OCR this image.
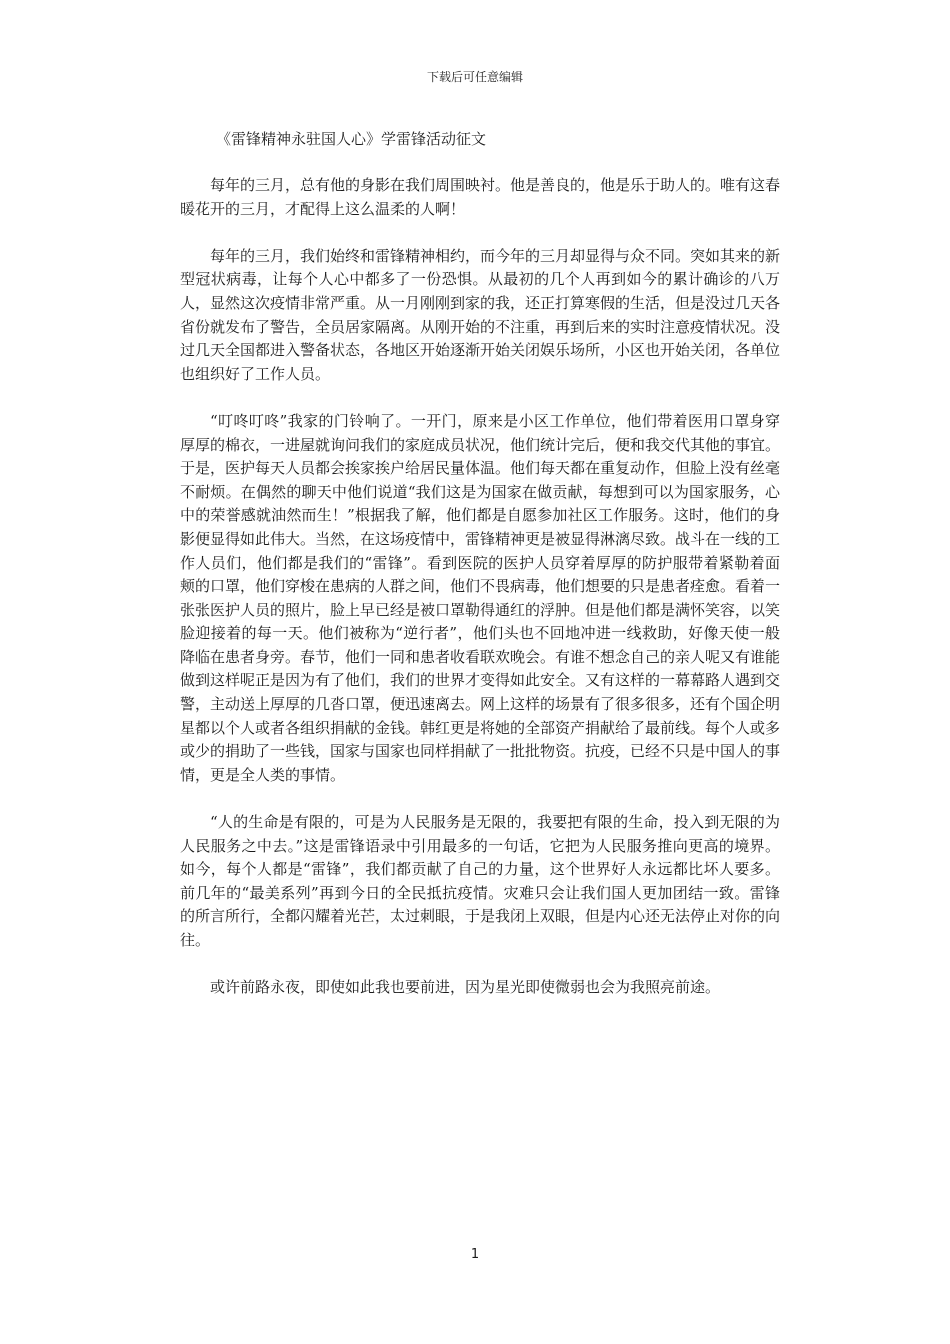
下载后可任意编辑
《雷锋精神永驻国人心》学雷锋活动征文

每年的三月，总有他的身影在我们周围映衬。他是善良的，他是乐于助人的。唯有这春暖花开的三月，才配得上这么温柔的人啊！

每年的三月，我们始终和雷锋精神相约，而今年的三月却显得与众不同。突如其来的新型冠状病毒，让每个人心中都多了一份恐惧。从最初的几个人再到如今的累计确诊的八万人，显然这次疫情非常严重。从一月刚刚到家的我，还正打算寒假的生活，但是没过几天各省份就发布了警告，全员居家隔离。从刚开始的不注重，再到后来的实时注意疫情状况。没过几天全国都进入警备状态，各地区开始逐渐开始关闭娱乐场所，小区也开始关闭，各单位也组织好了工作人员。

“叮咚叮咚”我家的门铃响了。一开门，原来是小区工作单位，他们带着医用口罩身穿厚厚的棉衣，一进屋就询问我们的家庭成员状况，他们统计完后，便和我交代其他的事宜。于是，医护每天人员都会挨家挨户给居民量体温。他们每天都在重复动作，但脸上没有丝毫不耐烦。在偶然的聊天中他们说道“我们这是为国家在做贡献，每想到可以为国家服务，心中的荣誉感就油然而生！”根据我了解，他们都是自愿参加社区工作服务。这时，他们的身影便显得如此伟大。当然，在这场疫情中，雷锋精神更是被显得淋漓尽致。战斗在一线的工作人员们，他们都是我们的“雷锋”。看到医院的医护人员穿着厚厚的防护服带着紧勒着面颊的口罩，他们穿梭在患病的人群之间，他们不畏病毒，他们想要的只是患者痊愈。看着一张张医护人员的照片，脸上早已经是被口罩勒得通红的浮肿。但是他们都是满怀笑容，以笑脸迎接着的每一天。他们被称为“逆行者”，他们头也不回地冲进一线救助，好像天使一般降临在患者身旁。春节，他们一同和患者收看联欢晚会。有谁不想念自己的亲人呢又有谁能做到这样呢正是因为有了他们，我们的世界才变得如此安全。又有这样的一幕幕路人遇到交警，主动送上厚厚的几沓口罩，便迅速离去。网上这样的场景有了很多很多，还有个国企明星都以个人或者各组织捐献的金钱。韩红更是将她的全部资产捐献给了最前线。每个人或多或少的捐助了一些钱，国家与国家也同样捐献了一批批物资。抗疫，已经不只是中国人的事情，更是全人类的事情。

“人的生命是有限的，可是为人民服务是无限的，我要把有限的生命，投入到无限的为人民服务之中去。”这是雷锋语录中引用最多的一句话，它把为人民服务推向更高的境界。如今，每个人都是“雷锋”，我们都贡献了自己的力量，这个世界好人永远都比坏人要多。前几年的“最美系列”再到今日的全民抵抗疫情。灾难只会让我们国人更加团结一致。雷锋的所言所行，全都闪耀着光芒，太过刺眼，于是我闭上双眼，但是内心还无法停止对你的向往。

或许前路永夜，即使如此我也要前进，因为星光即使微弱也会为我照亮前途。

1
